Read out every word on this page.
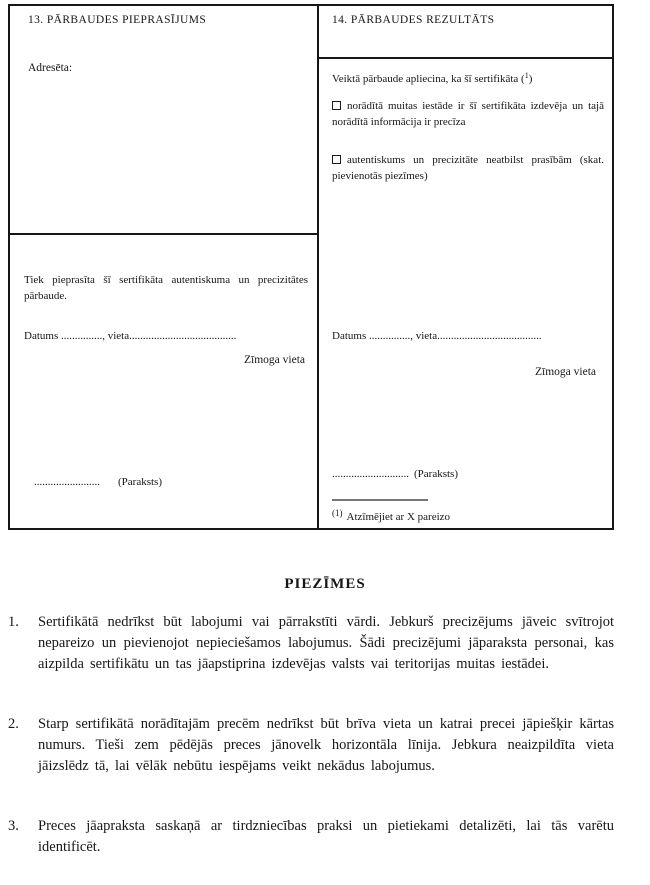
13. PĀRBAUDES PIEPRASĪJUMS
Adresēta:
Tiek pieprasīta šī sertifikāta autentiskuma un precizitātes pārbaude.
Datums ..............., vieta.......................................
Zīmoga vieta
........................ (Paraksts)
14. PĀRBAUDES REZULTĀTS
Veiktā pārbaude apliecina, ka šī sertifikāta ($^1$)
norādītā muitas iestāde ir šī sertifikāta izdevēja un tajā norādītā informācija ir precīza
autentiskums un precizitāte neatbilst prasībām (skat. pievienotās piezīmes)
Datums ..............., vieta......................................
Zīmoga vieta
............................ (Paraksts)
$^{(1)}$ Atzīmējiet ar X pareizo
PIEZĪMES
1.	Sertifikātā nedrīkst būt labojumi vai pārrakstīti vārdi. Jebkurš precizējums jāveic svītrojot nepareizo un pievienojot nepieciešamos labojumus. Šādi precizējumi jāparaksta personai, kas aizpilda sertifikātu un tas jāapstiprina izdevējas valsts vai teritorijas muitas iestādei.
2.	Starp sertifikātā norādītajām precēm nedrīkst būt brīva vieta un katrai precei jāpiešķir kārtas numurs. Tieši zem pēdējās preces jānovelk horizontāla līnija. Jebkura neaizpildīta vieta jāizslēdz tā, lai vēlāk nebūtu iespējams veikt nekādus labojumus.
3.	Preces jāapraksta saskaņā ar tirdzniecības praksi un pietiekami detalizēti, lai tās varētu identificēt.
